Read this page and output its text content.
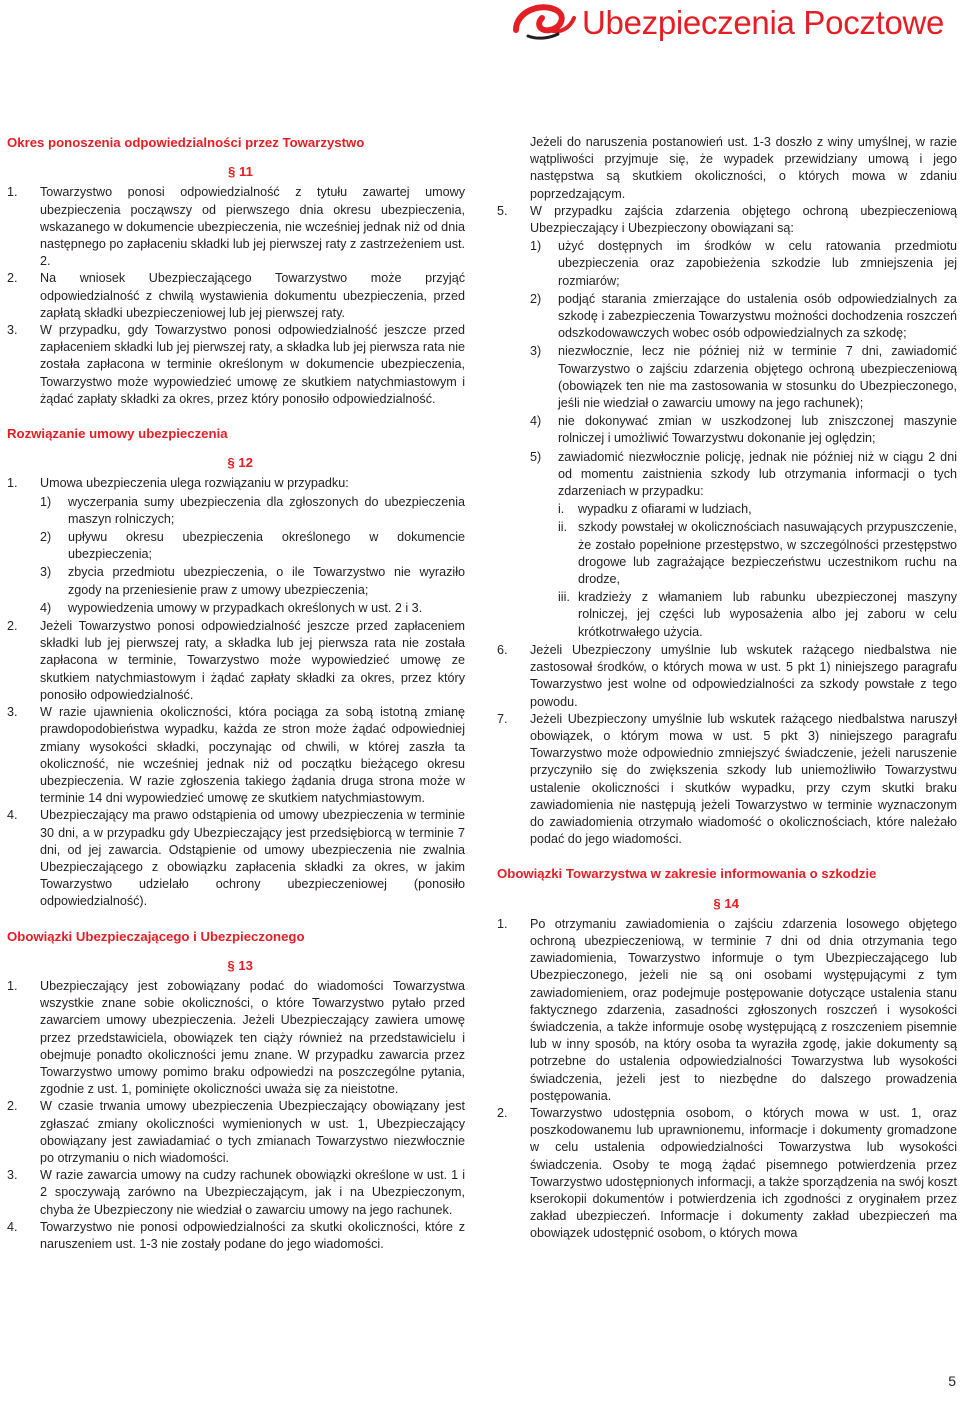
Ubezpieczenia Pocztowe
Okres ponoszenia odpowiedzialności przez Towarzystwo
§ 11
1. Towarzystwo ponosi odpowiedzialność z tytułu zawartej umowy ubezpieczenia począwszy od pierwszego dnia okresu ubezpieczenia, wskazanego w dokumencie ubezpieczenia, nie wcześniej jednak niż od dnia następnego po zapłaceniu składki lub jej pierwszej raty z zastrzeżeniem ust. 2.
2. Na wniosek Ubezpieczającego Towarzystwo może przyjąć odpowiedzialność z chwilą wystawienia dokumentu ubezpieczenia, przed zapłatą składki ubezpieczeniowej lub jej pierwszej raty.
3. W przypadku, gdy Towarzystwo ponosi odpowiedzialność jeszcze przed zapłaceniem składki lub jej pierwszej raty, a składka lub jej pierwsza rata nie została zapłacona w terminie określonym w dokumencie ubezpieczenia, Towarzystwo może wypowiedzieć umowę ze skutkiem natychmiastowym i żądać zapłaty składki za okres, przez który ponosiło odpowiedzialność.
Rozwiązanie umowy ubezpieczenia
§ 12
1. Umowa ubezpieczenia ulega rozwiązaniu w przypadku:
1) wyczerpania sumy ubezpieczenia dla zgłoszonych do ubezpieczenia maszyn rolniczych;
2) upływu okresu ubezpieczenia określonego w dokumencie ubezpieczenia;
3) zbycia przedmiotu ubezpieczenia, o ile Towarzystwo nie wyraziło zgody na przeniesienie praw z umowy ubezpieczenia;
4) wypowiedzenia umowy w przypadkach określonych w ust. 2 i 3.
2. Jeżeli Towarzystwo ponosi odpowiedzialność jeszcze przed zapłaceniem składki lub jej pierwszej raty, a składka lub jej pierwsza rata nie została zapłacona w terminie, Towarzystwo może wypowiedzieć umowę ze skutkiem natychmiastowym i żądać zapłaty składki za okres, przez który ponosiło odpowiedzialność.
3. W razie ujawnienia okoliczności, która pociąga za sobą istotną zmianę prawdopodobieństwa wypadku, każda ze stron może żądać odpowiedniej zmiany wysokości składki, poczynając od chwili, w której zaszła ta okoliczność, nie wcześniej jednak niż od początku bieżącego okresu ubezpieczenia. W razie zgłoszenia takiego żądania druga strona może w terminie 14 dni wypowiedzieć umowę ze skutkiem natychmiastowym.
4. Ubezpieczający ma prawo odstąpienia od umowy ubezpieczenia w terminie 30 dni, a w przypadku gdy Ubezpieczający jest przedsiębiorcą w terminie 7 dni, od jej zawarcia. Odstąpienie od umowy ubezpieczenia nie zwalnia Ubezpieczającego z obowiązku zapłacenia składki za okres, w jakim Towarzystwo udzielało ochrony ubezpieczeniowej (ponosiło odpowiedzialność).
Obowiązki Ubezpieczającego i Ubezpieczonego
§ 13
1. Ubezpieczający jest zobowiązany podać do wiadomości Towarzystwa wszystkie znane sobie okoliczności, o które Towarzystwo pytało przed zawarciem umowy ubezpieczenia. Jeżeli Ubezpieczający zawiera umowę przez przedstawiciela, obowiązek ten ciąży również na przedstawicielu i obejmuje ponadto okoliczności jemu znane. W przypadku zawarcia przez Towarzystwo umowy pomimo braku odpowiedzi na poszczególne pytania, zgodnie z ust. 1, pominięte okoliczności uważa się za nieistotne.
2. W czasie trwania umowy ubezpieczenia Ubezpieczający obowiązany jest zgłaszać zmiany okoliczności wymienionych w ust. 1, Ubezpieczający obowiązany jest zawiadamiać o tych zmianach Towarzystwo niezwłocznie po otrzymaniu o nich wiadomości.
3. W razie zawarcia umowy na cudzy rachunek obowiązki określone w ust. 1 i 2 spoczywają zarówno na Ubezpieczającym, jak i na Ubezpieczonym, chyba że Ubezpieczony nie wiedział o zawarciu umowy na jego rachunek.
4. Towarzystwo nie ponosi odpowiedzialności za skutki okoliczności, które z naruszeniem ust. 1-3 nie zostały podane do jego wiadomości.
Jeżeli do naruszenia postanowień ust. 1-3 doszło z winy umyślnej, w razie wątpliwości przyjmuje się, że wypadek przewidziany umową i jego następstwa są skutkiem okoliczności, o których mowa w zdaniu poprzedzającym.
5. W przypadku zajścia zdarzenia objętego ochroną ubezpieczeniową Ubezpieczający i Ubezpieczony obowiązani są:
1) użyć dostępnych im środków w celu ratowania przedmiotu ubezpieczenia oraz zapobieżenia szkodzie lub zmniejszenia jej rozmiarów;
2) podjąć starania zmierzające do ustalenia osób odpowiedzialnych za szkodę i zabezpieczenia Towarzystwu możności dochodzenia roszczeń odszkodowawczych wobec osób odpowiedzialnych za szkodę;
3) niezwłocznie, lecz nie później niż w terminie 7 dni, zawiadomić Towarzystwo o zajściu zdarzenia objętego ochroną ubezpieczeniową (obowiązek ten nie ma zastosowania w stosunku do Ubezpieczonego, jeśli nie wiedział o zawarciu umowy na jego rachunek);
4) nie dokonywać zmian w uszkodzonej lub zniszczonej maszynie rolniczej i umożliwić Towarzystwu dokonanie jej oględzin;
5) zawiadomić niezwłocznie policję, jednak nie później niż w ciągu 2 dni od momentu zaistnienia szkody lub otrzymania informacji o tych zdarzeniach w przypadku:
i. wypadku z ofiarami w ludziach,
ii. szkody powstałej w okolicznościach nasuwających przypuszczenie, że zostało popełnione przestępstwo, w szczególności przestępstwo drogowe lub zagrażające bezpieczeństwu uczestnikom ruchu na drodze,
iii. kradzieży z włamaniem lub rabunku ubezpieczonej maszyny rolniczej, jej części lub wyposażenia albo jej zaboru w celu krótkotrwałego użycia.
6. Jeżeli Ubezpieczony umyślnie lub wskutek rażącego niedbalstwa nie zastosował środków, o których mowa w ust. 5 pkt 1) niniejszego paragrafu Towarzystwo jest wolne od odpowiedzialności za szkody powstałe z tego powodu.
7. Jeżeli Ubezpieczony umyślnie lub wskutek rażącego niedbalstwa naruszył obowiązek, o którym mowa w ust. 5 pkt 3) niniejszego paragrafu Towarzystwo może odpowiednio zmniejszyć świadczenie, jeżeli naruszenie przyczyniło się do zwiększenia szkody lub uniemożliwiło Towarzystwu ustalenie okoliczności i skutków wypadku, przy czym skutki braku zawiadomienia nie następują jeżeli Towarzystwo w terminie wyznaczonym do zawiadomienia otrzymało wiadomość o okolicznościach, które należało podać do jego wiadomości.
Obowiązki Towarzystwa w zakresie informowania o szkodzie
§ 14
1. Po otrzymaniu zawiadomienia o zajściu zdarzenia losowego objętego ochroną ubezpieczeniową, w terminie 7 dni od dnia otrzymania tego zawiadomienia, Towarzystwo informuje o tym Ubezpieczającego lub Ubezpieczonego, jeżeli nie są oni osobami występującymi z tym zawiadomieniem, oraz podejmuje postępowanie dotyczące ustalenia stanu faktycznego zdarzenia, zasadności zgłoszonych roszczeń i wysokości świadczenia, a także informuje osobę występującą z roszczeniem pisemnie lub w inny sposób, na który osoba ta wyraziła zgodę, jakie dokumenty są potrzebne do ustalenia odpowiedzialności Towarzystwa lub wysokości świadczenia, jeżeli jest to niezbędne do dalszego prowadzenia postępowania.
2. Towarzystwo udostępnia osobom, o których mowa w ust. 1, oraz poszkodowanemu lub uprawnionemu, informacje i dokumenty gromadzone w celu ustalenia odpowiedzialności Towarzystwa lub wysokości świadczenia. Osoby te mogą żądać pisemnego potwierdzenia przez Towarzystwo udostępnionych informacji, a także sporządzenia na swój koszt kserokopii dokumentów i potwierdzenia ich zgodności z oryginałem przez zakład ubezpieczeń. Informacje i dokumenty zakład ubezpieczeń ma obowiązek udostępnić osobom, o których mowa
5
